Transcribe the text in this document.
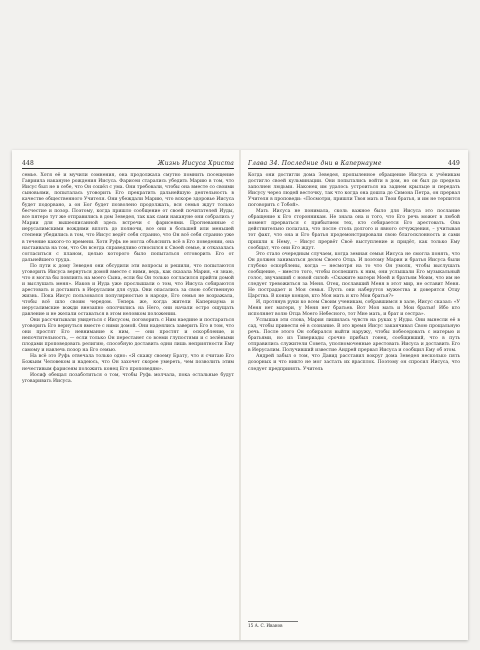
448	Жизнь Иисуса Христа

семье. Хотя её и мучили сомнения, она продолжала смутно помнить посещение Гавриила накануне рождения Иисуса. Фарисеи старались убедить Марию в том, что Иисус был не в себе, что Он сошёл с ума. Они требовали, чтобы она вместе со своими сыновьями, попыталась уговорить Его прекратить дальнейшую деятельность в качестве общественного Учителя. Они убеждали Марию, что вскоре здоровье Иисуса будет подорвано, а он Бог будет позволено продолжать, вся семья ждут только бесчестие и позор. Поэтому, когда пришло сообщение от своей почитателей Иуды, все пятеро тут же отправились в дом Зеведея, так как сами накануне они собрались у Марии для вышеописанной здесь встречи с фарисеями. Прогневанные с иерусалимскими вождями вплоть до полночи, все они в большей или меньшей степени убедились в том, что Иисус ведёт себя странно, что Он всё себя странно уже в течение какого-то времени. Хотя Руфь не могла объяснить всё в Его поведении, она настаивала на том, что Он всегда справедливо относился к Своей семье, и отказалась согласиться с планом, целью которого было попытаться отговорить Его от дальнейшего труда.

По пути к дому Зеведея они обсудили эти вопросы и решили, что попытаются уговорить Иисуса вернуться домой вместе с ними, ведь, как сказала Мария, «я знаю, что я могла бы повлиять на моего Сына, если бы Он только согласился прийти домой и выслушать меня». Иаков и Иуда уже прослышали о том, что Иисуса собираются арестовать и доставить в Иерусалим для суда. Они опасались за свою собственную жизнь. Пока Иисус пользовался популярностью в народе, Его семья не возражала, чтобы всё шло своим чередом. Теперь же, когда жители Капернаума и иерусалимские вожди внезапно ополчились на Него, они начали остро ощущать давление и не желали оставаться в этом неловком положении.

Они рассчитывали увидеться с Иисусом, поговорить с Ним наедине и постараться уговорить Его вернуться вместе с ними домой. Они надеялись заверить Его в том, что они простят Его невнимание к ним, — они простят и оскорбление, и непочтительность, — если только Он перестанет со всеми глупостями и с зелёными плодами проповедовать религию, способную доставить одни лишь неприятности Ему самому и навлечь позор на Его семью.

На всё это Руфь отвечала только одно: «Я скажу своему Брату, что я считаю Его Божьим Человеком и надеюсь, что Он захочет скорее умереть, чем позволить этим нечестивым фарисеям положить конец Его проповедям».

Иосиф обещал позаботиться о том, чтобы Руфь молчала, пока остальные будут уговаривать Иисуса.

Глава 34. Последние дни в Капернауме	449

Когда они достигли дома Зеведея, пропыленное обращение Иисуса к учёникам достигло своей кульминации. Они попытались войти в дом, но он был до предела заполнен людьми. Наконец им удалось устроиться на заднем крыльце и передать Иисусу через людей весточку, так что когда она дошла до Симона Петра, он прервал Учителя в проповеди: «Посмотри, пришли Твоя мать и Твои братья, и им не терпится поговорить с Тобой».

Мать Иисуса не понимала, сколь важное было для Иисуса это послание обращение к Его сторонникам. Не знала она и того, что Его речь может в любой момент прерваться с прибытием тех, кто собирается Его арестовать. Она действительно полагала, что после столь долгого и явного отчуждения, – учитывая тот факт, что она и Его братья продемонстрировали свою благосклонность и сами пришли к Нему, – Иисус прервёт Своё выступление и придёт, как только Ему сообщат, что они Его ждут.

Это стало очередным случаем, когда земная семья Иисуса не смогла понять, что Он должен заниматься делом Своего Отца. И поэтому Мария и братья Иисуса были глубоко оскорблены, когда — несмотря на то что Он умолк, чтобы выслушать сообщение, – вместо того, чтобы поспешить к ним, они услышали Его музыкальный голос, звучавший с новой силой: «Скажите матери Моей и братьям Моим, что им не следует тревожиться за Меня. Отец, пославший Меня в этот мир, не оставит Меня. Не пострадает и Моя семья. Пусть они наберутся мужества и доверятся Отцу Царства. В конце концов, кто Моя мать и кто Мои братья?»

И, протянув руки ко всем Своим ученикам, собравшимся в зале, Иисус сказал: «У Меня нет матери, у Меня нет братьев. Вот Моя мать и Мои братья! Ибо кто исполняет волю Отца Моего Небесного, тот Мне мать, и брат и сестра».

Услышав эти слова, Мария лишилась чувств на руках у Иуды. Они вынесли её в сад, чтобы привести её в сознание. В это время Иисус заканчивал Свою прощальную речь. После этого Он собирался выйти наружу, чтобы побеседовать с матерью и братьями, но из Тивериады срочно прибыл гонец, сообщивший, что в путь отправились служители Совета, уполномоченные арестовать Иисуса и доставить Его в Иерусалим. Получивший известие Андрей прервал Иисуса и сообщил Ему об этом.

Андрей забыл о том, что Давид расставил вокруг дома Зеведея несколько пять дозорных и что никто не мог застать их врасплох. Поэтому он спросил Иисуса, что следует предпринять. Учитель

15 А. С. Иванов
